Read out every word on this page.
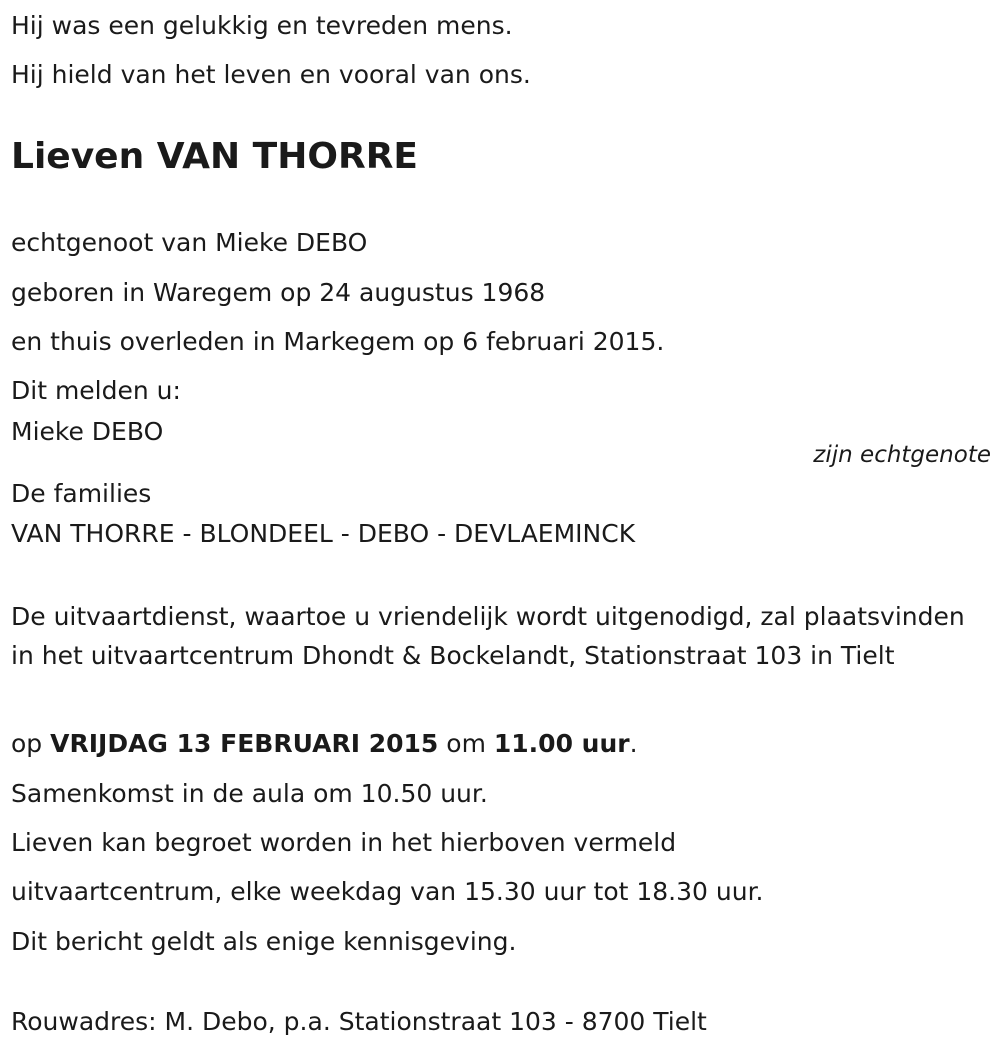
Hij was een gelukkig en tevreden mens.

Hij hield van het leven en vooral van ons.

Lieven VAN THORRE

echtgenoot van Mieke DEBO

geboren in Waregem op 24 augustus 1968

en thuis overleden in Markegem op 6 februari 2015.

Dit melden u:

Mieke DEBO

zijn echtgenote

De families

VAN THORRE - BLONDEEL - DEBO - DEVLAEMINCK

De uitvaartdienst, waartoe u vriendelijk wordt uitgenodigd, zal plaatsvinden in het uitvaartcentrum Dhondt & Bockelandt, Stationstraat 103 in Tielt

op VRIJDAG 13 FEBRUARI 2015 om 11.00 uur.

Samenkomst in de aula om 10.50 uur.

Lieven kan begroet worden in het hierboven vermeld

uitvaartcentrum, elke weekdag van 15.30 uur tot 18.30 uur.

Dit bericht geldt als enige kennisgeving.

Rouwadres: M. Debo, p.a. Stationstraat 103 - 8700 Tielt
